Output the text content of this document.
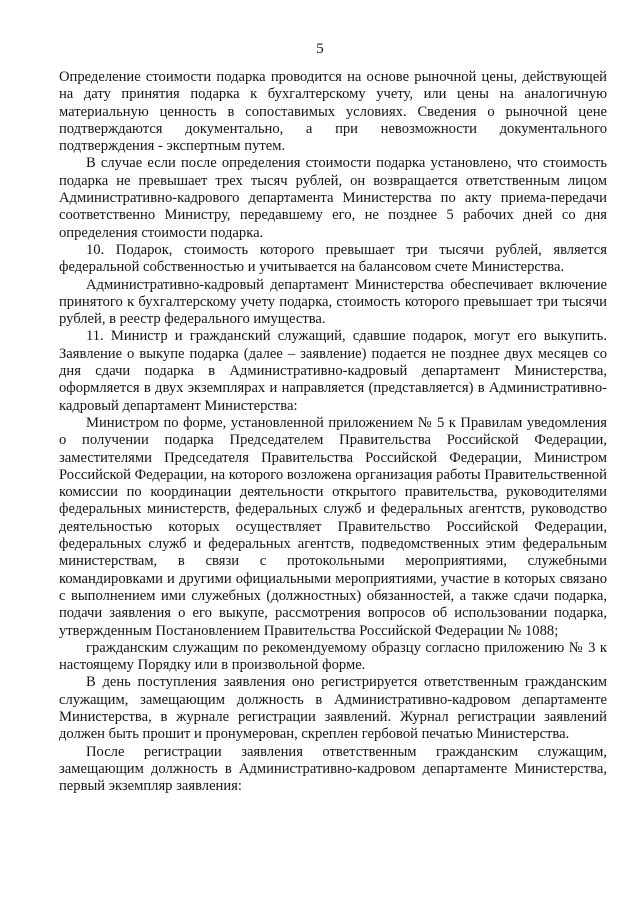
5

Определение стоимости подарка проводится на основе рыночной цены, действующей на дату принятия подарка к бухгалтерскому учету, или цены на аналогичную материальную ценность в сопоставимых условиях. Сведения о рыночной цене подтверждаются документально, а при невозможности документального подтверждения - экспертным путем.

В случае если после определения стоимости подарка установлено, что стоимость подарка не превышает трех тысяч рублей, он возвращается ответственным лицом Административно-кадрового департамента Министерства по акту приема-передачи соответственно Министру, передавшему его, не позднее 5 рабочих дней со дня определения стоимости подарка.

10. Подарок, стоимость которого превышает три тысячи рублей, является федеральной собственностью и учитывается на балансовом счете Министерства.

Административно-кадровый департамент Министерства обеспечивает включение принятого к бухгалтерскому учету подарка, стоимость которого превышает три тысячи рублей, в реестр федерального имущества.

11. Министр и гражданский служащий, сдавшие подарок, могут его выкупить. Заявление о выкупе подарка (далее – заявление) подается не позднее двух месяцев со дня сдачи подарка в Административно-кадровый департамент Министерства, оформляется в двух экземплярах и направляется (представляется) в Административно-кадровый департамент Министерства:

Министром по форме, установленной приложением № 5 к Правилам уведомления о получении подарка Председателем Правительства Российской Федерации, заместителями Председателя Правительства Российской Федерации, Министром Российской Федерации, на которого возложена организация работы Правительственной комиссии по координации деятельности открытого правительства, руководителями федеральных министерств, федеральных служб и федеральных агентств, руководство деятельностью которых осуществляет Правительство Российской Федерации, федеральных служб и федеральных агентств, подведомственных этим федеральным министерствам, в связи с протокольными мероприятиями, служебными командировками и другими официальными мероприятиями, участие в которых связано с выполнением ими служебных (должностных) обязанностей, а также сдачи подарка, подачи заявления о его выкупе, рассмотрения вопросов об использовании подарка, утвержденным Постановлением Правительства Российской Федерации № 1088;

гражданским служащим по рекомендуемому образцу согласно приложению № 3 к настоящему Порядку или в произвольной форме.

В день поступления заявления оно регистрируется ответственным гражданским служащим, замещающим должность в Административно-кадровом департаменте Министерства, в журнале регистрации заявлений. Журнал регистрации заявлений должен быть прошит и пронумерован, скреплен гербовой печатью Министерства.

После регистрации заявления ответственным гражданским служащим, замещающим должность в Административно-кадровом департаменте Министерства, первый экземпляр заявления:
